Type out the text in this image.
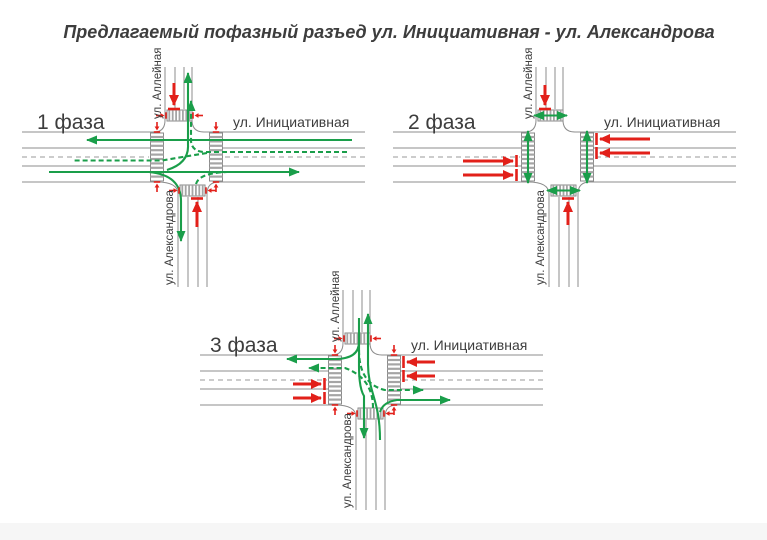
Предлагаемый пофазный разъед ул. Инициативная - ул. Александрова
1 фаза
ул. Аллейная
ул. Инициативная
ул. Александрова
2 фаза
ул. Аллейная
ул. Инициативная
ул. Александрова
3 фаза
ул. Аллейная
ул. Инициативная
ул. Александрова
